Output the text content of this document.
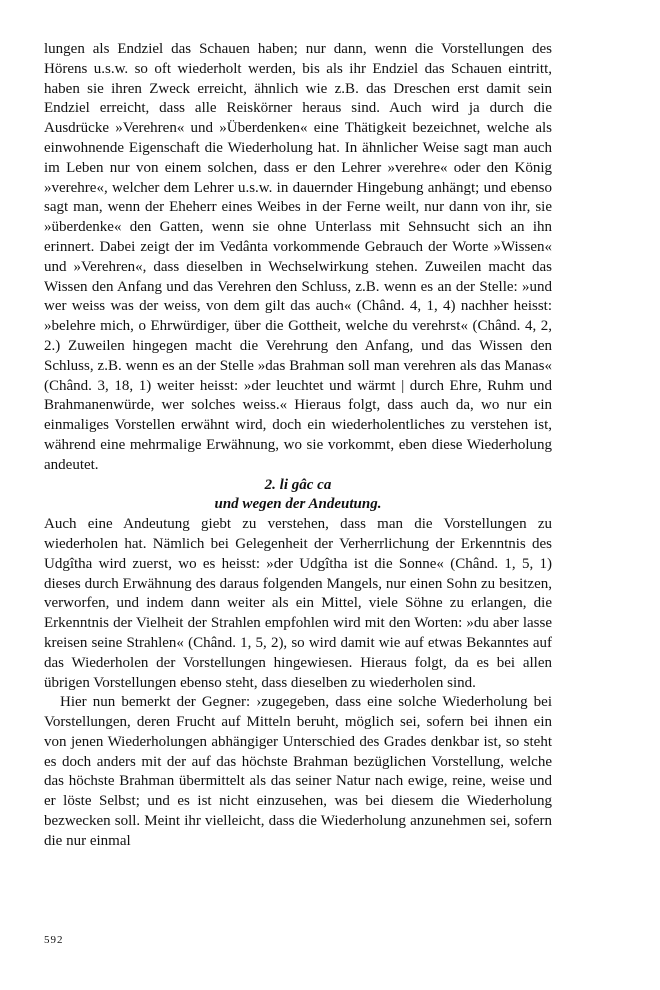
lungen als Endziel das Schauen haben; nur dann, wenn die Vorstellungen des Hörens u.s.w. so oft wiederholt werden, bis als ihr Endziel das Schauen eintritt, haben sie ihren Zweck erreicht, ähnlich wie z.B. das Dreschen erst damit sein Endziel erreicht, dass alle Reiskörner heraus sind. Auch wird ja durch die Ausdrücke »Verehren« und »Überdenken« eine Thätigkeit bezeichnet, welche als einwohnende Eigenschaft die Wiederholung hat. In ähnlicher Weise sagt man auch im Leben nur von einem solchen, dass er den Lehrer »verehre« oder den König »verehre«, welcher dem Lehrer u.s.w. in dauernder Hingebung anhängt; und ebenso sagt man, wenn der Eheherr eines Weibes in der Ferne weilt, nur dann von ihr, sie »überdenke« den Gatten, wenn sie ohne Unterlass mit Sehnsucht sich an ihn erinnert. Dabei zeigt der im Vedânta vorkommende Gebrauch der Worte »Wissen« und »Verehren«, dass dieselben in Wechselwirkung stehen. Zuweilen macht das Wissen den Anfang und das Verehren den Schluss, z.B. wenn es an der Stelle: »und wer weiss was der weiss, von dem gilt das auch« (Chând. 4, 1, 4) nachher heisst: »belehre mich, o Ehrwürdiger, über die Gottheit, welche du verehrst« (Chând. 4, 2, 2.) Zuweilen hingegen macht die Verehrung den Anfang, und das Wissen den Schluss, z.B. wenn es an der Stelle »das Brahman soll man verehren als das Manas« (Chând. 3, 18, 1) weiter heisst: »der leuchtet und wärmt | durch Ehre, Ruhm und Brahmanenwürde, wer solches weiss.« Hieraus folgt, dass auch da, wo nur ein einmaliges Vorstellen erwähnt wird, doch ein wiederholentliches zu verstehen ist, während eine mehrmalige Erwähnung, wo sie vorkommt, eben diese Wiederholung andeutet.

2. li gâc ca

und wegen der Andeutung.

Auch eine Andeutung giebt zu verstehen, dass man die Vorstellungen zu wiederholen hat. Nämlich bei Gelegenheit der Verherrlichung der Erkenntnis des Udgîtha wird zuerst, wo es heisst: »der Udgîtha ist die Sonne« (Chând. 1, 5, 1) dieses durch Erwähnung des daraus folgenden Mangels, nur einen Sohn zu besitzen, verworfen, und indem dann weiter als ein Mittel, viele Söhne zu erlangen, die Erkenntnis der Vielheit der Strahlen empfohlen wird mit den Worten: »du aber lasse kreisen seine Strahlen« (Chând. 1, 5, 2), so wird damit wie auf etwas Bekanntes auf das Wiederholen der Vorstellungen hingewiesen. Hieraus folgt, da es bei allen übrigen Vorstellungen ebenso steht, dass dieselben zu wiederholen sind.

Hier nun bemerkt der Gegner: ›zugegeben, dass eine solche Wiederholung bei Vorstellungen, deren Frucht auf Mitteln beruht, möglich sei, sofern bei ihnen ein von jenen Wiederholungen abhängiger Unterschied des Grades denkbar ist, so steht es doch anders mit der auf das höchste Brahman bezüglichen Vorstellung, welche das höchste Brahman übermittelt als das seiner Natur nach ewige, reine, weise und er löste Selbst; und es ist nicht einzusehen, was bei diesem die Wiederholung bezwecken soll. Meint ihr vielleicht, dass die Wiederholung anzunehmen sei, sofern die nur einmal

592
